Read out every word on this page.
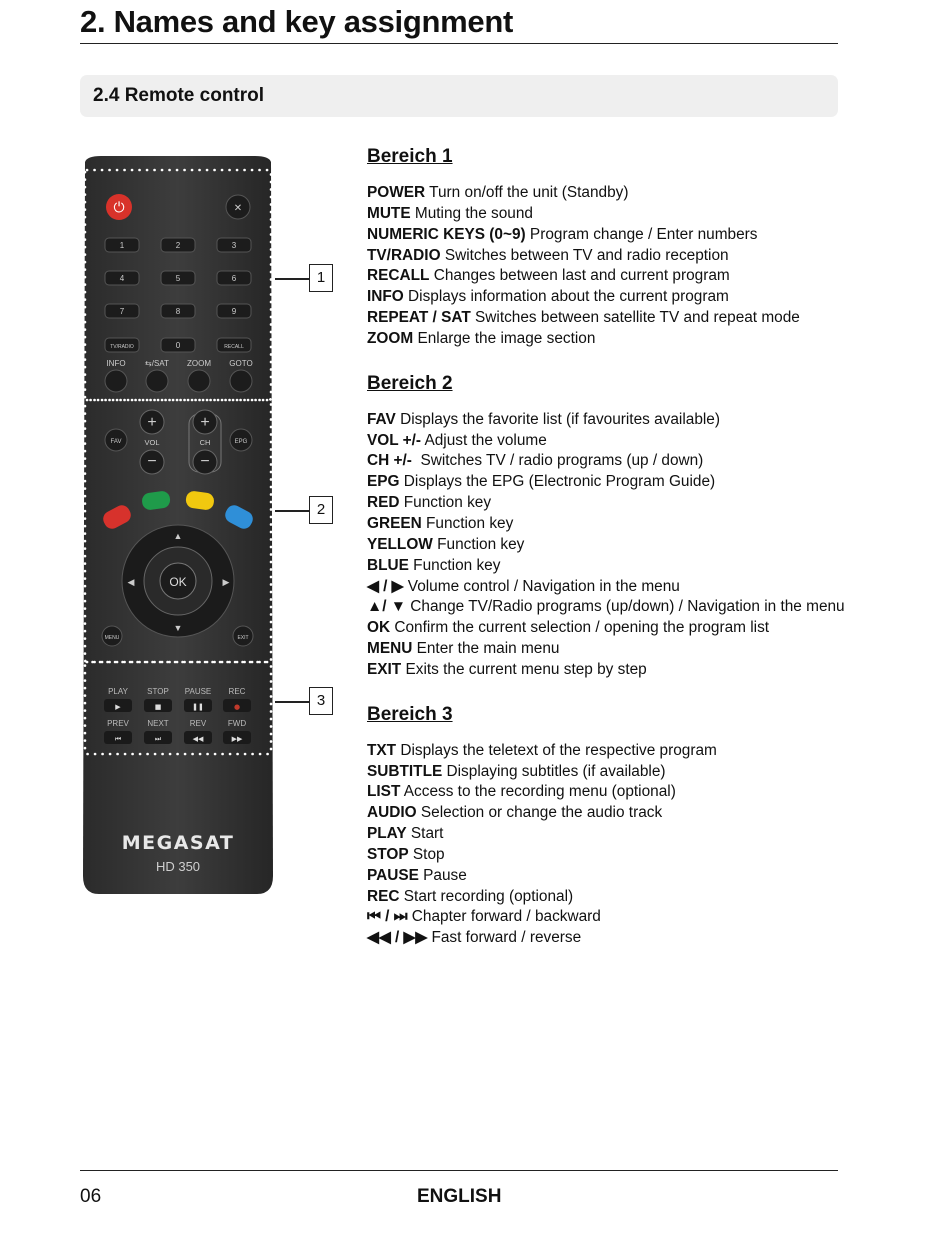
2. Names and key assignment
2.4 Remote control
⏻	✕
1	2	3
4	5	6
7	8	9
TV/RADIO	0	RECALL
INFO ⇆/SAT ZOOM GOTO
FAV	EPG
+
VOL
−
+
CH
−
OK
▲
▼
◀	▶
MENU	EXIT
PLAY
▶
STOP
■
PAUSE
❚❚
REC
●
PREV
⏮
NEXT
⏭
REV
◀◀
FWD
▶▶
MEGASAT
HD 350
1
2
3
Bereich 1
POWER Turn on/off the unit (Standby)
MUTE Muting the sound
NUMERIC KEYS (0~9) Program change / Enter numbers
TV/RADIO Switches between TV and radio reception
RECALL Changes between last and current program
INFO Displays information about the current program
REPEAT / SAT Switches between satellite TV and repeat mode
ZOOM Enlarge the image section
Bereich 2
FAV Displays the favorite list (if favourites available)
VOL +/- Adjust the volume
CH +/-  Switches TV / radio programs (up / down)
EPG Displays the EPG (Electronic Program Guide)
RED Function key
GREEN Function key
YELLOW Function key
BLUE Function key
◀ / ▶ Volume control / Navigation in the menu
▲/ ▼ Change TV/Radio programs (up/down) / Navigation in the menu
OK Confirm the current selection / opening the program list
MENU Enter the main menu
EXIT Exits the current menu step by step
Bereich 3
TXT Displays the teletext of the respective program
SUBTITLE Displaying subtitles (if available)
LIST Access to the recording menu (optional)
AUDIO Selection or change the audio track
PLAY Start
STOP Stop
PAUSE Pause
REC Start recording (optional)
⏮ / ⏭ Chapter forward / backward
◀◀ / ▶▶ Fast forward / reverse
06	ENGLISH
